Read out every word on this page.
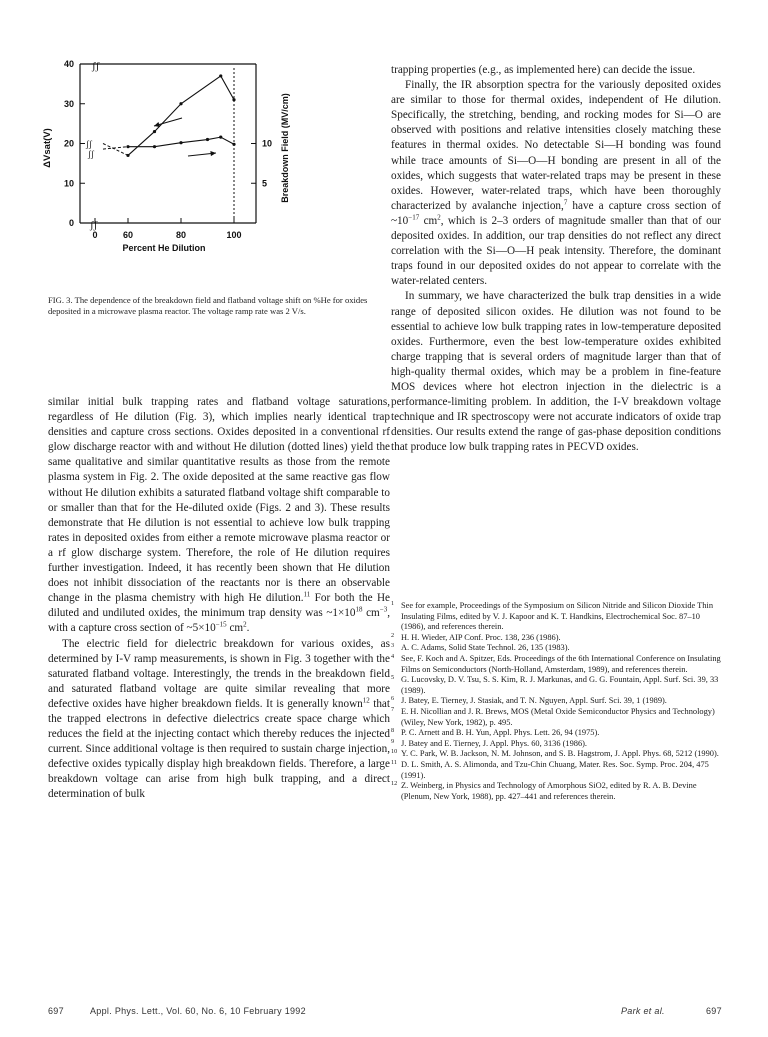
0	60	80	100
0
10
20
30
40
5
10
ʃʃ
ʃʃ
ʃʃ
ʃʃ
ΔVsat(V)	Breakdown Field (MV/cm)
Percent He Dilution
FIG. 3. The dependence of the breakdown field and flatband voltage shift on %He for oxides deposited in a microwave plasma reactor. The voltage ramp rate was 2 V/s.

similar initial bulk trapping rates and flatband voltage saturations, regardless of He dilution (Fig. 3), which implies nearly identical trap densities and capture cross sections. Oxides deposited in a conventional rf glow discharge reactor with and without He dilution (dotted lines) yield the same qualitative and similar quantitative results as those from the remote plasma system in Fig. 2. The oxide deposited at the same reactive gas flow without He dilution exhibits a saturated flatband voltage shift comparable to or smaller than that for the He-diluted oxide (Figs. 2 and 3). These results demonstrate that He dilution is not essential to achieve low bulk trapping rates in deposited oxides from either a remote microwave plasma reactor or a rf glow discharge system. Therefore, the role of He dilution requires further investigation. Indeed, it has recently been shown that He dilution does not inhibit dissociation of the reactants nor is there an observable change in the plasma chemistry with high He dilution.$^{11}$ For both the He diluted and undiluted oxides, the minimum trap density was $\sim 1\times 10^{18}$ $cm^{-3}$, with a capture cross section of $\sim 5\times 10^{-15}$ $cm^2$.

The electric field for dielectric breakdown for various oxides, as determined by I-V ramp measurements, is shown in Fig. 3 together with the saturated flatband voltage. Interestingly, the trends in the breakdown field and saturated flatband voltage are quite similar revealing that more defective oxides have higher breakdown fields. It is generally known$^{12}$ that the trapped electrons in defective dielectrics create space charge which reduces the field at the injecting contact which thereby reduces the injected current. Since additional voltage is then required to sustain charge injection, defective oxides typically display high breakdown fields. Therefore, a large breakdown voltage can arise from high bulk trapping, and a direct determination of bulk

trapping properties (e.g., as implemented here) can decide the issue.

Finally, the IR absorption spectra for the variously deposited oxides are similar to those for thermal oxides, independent of He dilution. Specifically, the stretching, bending, and rocking modes for Si—O are observed with positions and relative intensities closely matching these features in thermal oxides. No detectable Si—H bonding was found while trace amounts of Si—O—H bonding are present in all of the oxides, which suggests that water-related traps may be present in these oxides. However, water-related traps, which have been thoroughly characterized by avalanche injection,$^7$ have a capture cross section of $\sim 10^{-17}$ $cm^2$, which is 2–3 orders of magnitude smaller than that of our deposited oxides. In addition, our trap densities do not reflect any direct correlation with the Si—O—H peak intensity. Therefore, the dominant traps found in our deposited oxides do not appear to correlate with the water-related centers.

In summary, we have characterized the bulk trap densities in a wide range of deposited silicon oxides. He dilution was not found to be essential to achieve low bulk trapping rates in low-temperature deposited oxides. Furthermore, even the best low-temperature oxides exhibited charge trapping that is several orders of magnitude larger than that of high-quality thermal oxides, which may be a problem in fine-feature MOS devices where hot electron injection in the dielectric is a performance-limiting problem. In addition, the I-V breakdown voltage technique and IR spectroscopy were not accurate indicators of oxide trap densities. Our results extend the range of gas-phase deposition conditions that produce low bulk trapping rates in PECVD oxides.

1 See for example, Proceedings of the Symposium on Silicon Nitride and Silicon Dioxide Thin Insulating Films, edited by V. J. Kapoor and K. T. Handkins, Electrochemical Soc. 87–10 (1986), and references therein.

2 H. H. Wieder, AIP Conf. Proc. 138, 236 (1986).

3 A. C. Adams, Solid State Technol. 26, 135 (1983).

4 See, F. Koch and A. Spitzer, Eds. Proceedings of the 6th International Conference on Insulating Films on Semiconductors (North-Holland, Amsterdam, 1989), and references therein.

5 G. Lucovsky, D. V. Tsu, S. S. Kim, R. J. Markunas, and G. G. Fountain, Appl. Surf. Sci. 39, 33 (1989).

6 J. Batey, E. Tierney, J. Stasiak, and T. N. Nguyen, Appl. Surf. Sci. 39, 1 (1989).

7 E. H. Nicollian and J. R. Brews, MOS (Metal Oxide Semiconductor Physics and Technology) (Wiley, New York, 1982), p. 495.

8 P. C. Arnett and B. H. Yun, Appl. Phys. Lett. 26, 94 (1975).

9 J. Batey and E. Tierney, J. Appl. Phys. 60, 3136 (1986).

10 Y. C. Park, W. B. Jackson, N. M. Johnson, and S. B. Hagstrom, J. Appl. Phys. 68, 5212 (1990).

11 D. L. Smith, A. S. Alimonda, and Tzu-Chin Chuang, Mater. Res. Soc. Symp. Proc. 204, 475 (1991).

12 Z. Weinberg, in Physics and Technology of Amorphous SiO2, edited by R. A. B. Devine (Plenum, New York, 1988), pp. 427–441 and references therein.

697	Appl. Phys. Lett., Vol. 60, No. 6, 10 February 1992	Park et al.	697
